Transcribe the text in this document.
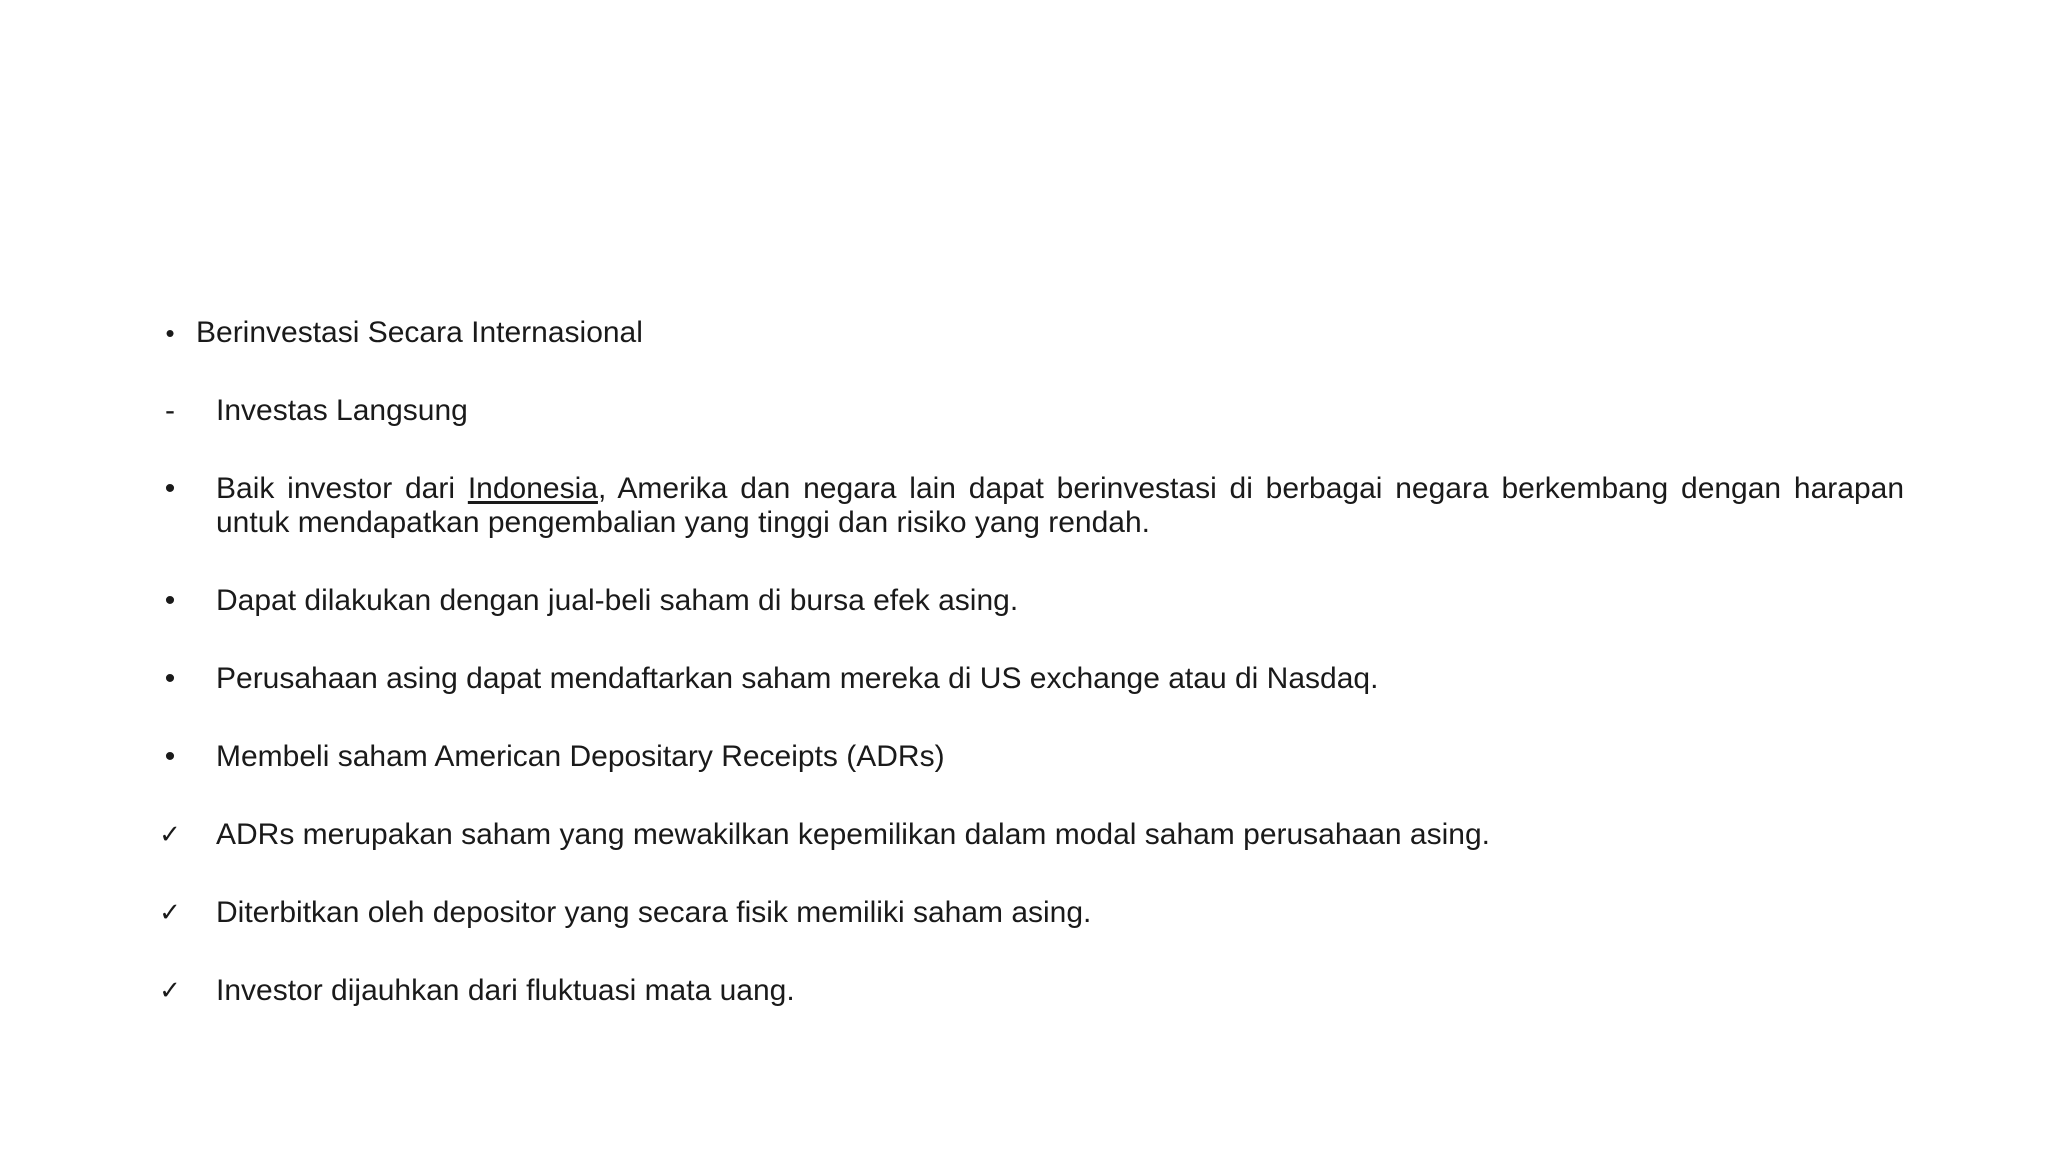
• Berinvestasi Secara Internasional
-	Investas Langsung
•	Baik investor dari Indonesia, Amerika dan negara lain dapat berinvestasi di berbagai negara berkembang dengan harapan untuk mendapatkan pengembalian yang tinggi dan risiko yang rendah.
•	Dapat dilakukan dengan jual-beli saham di bursa efek asing.
•	Perusahaan asing dapat mendaftarkan saham mereka di US exchange atau di Nasdaq.
•	Membeli saham American Depositary Receipts (ADRs)
✓	ADRs merupakan saham yang mewakilkan kepemilikan dalam modal saham perusahaan asing.
✓	Diterbitkan oleh depositor yang secara fisik memiliki saham asing.
✓	Investor dijauhkan dari fluktuasi mata uang.
